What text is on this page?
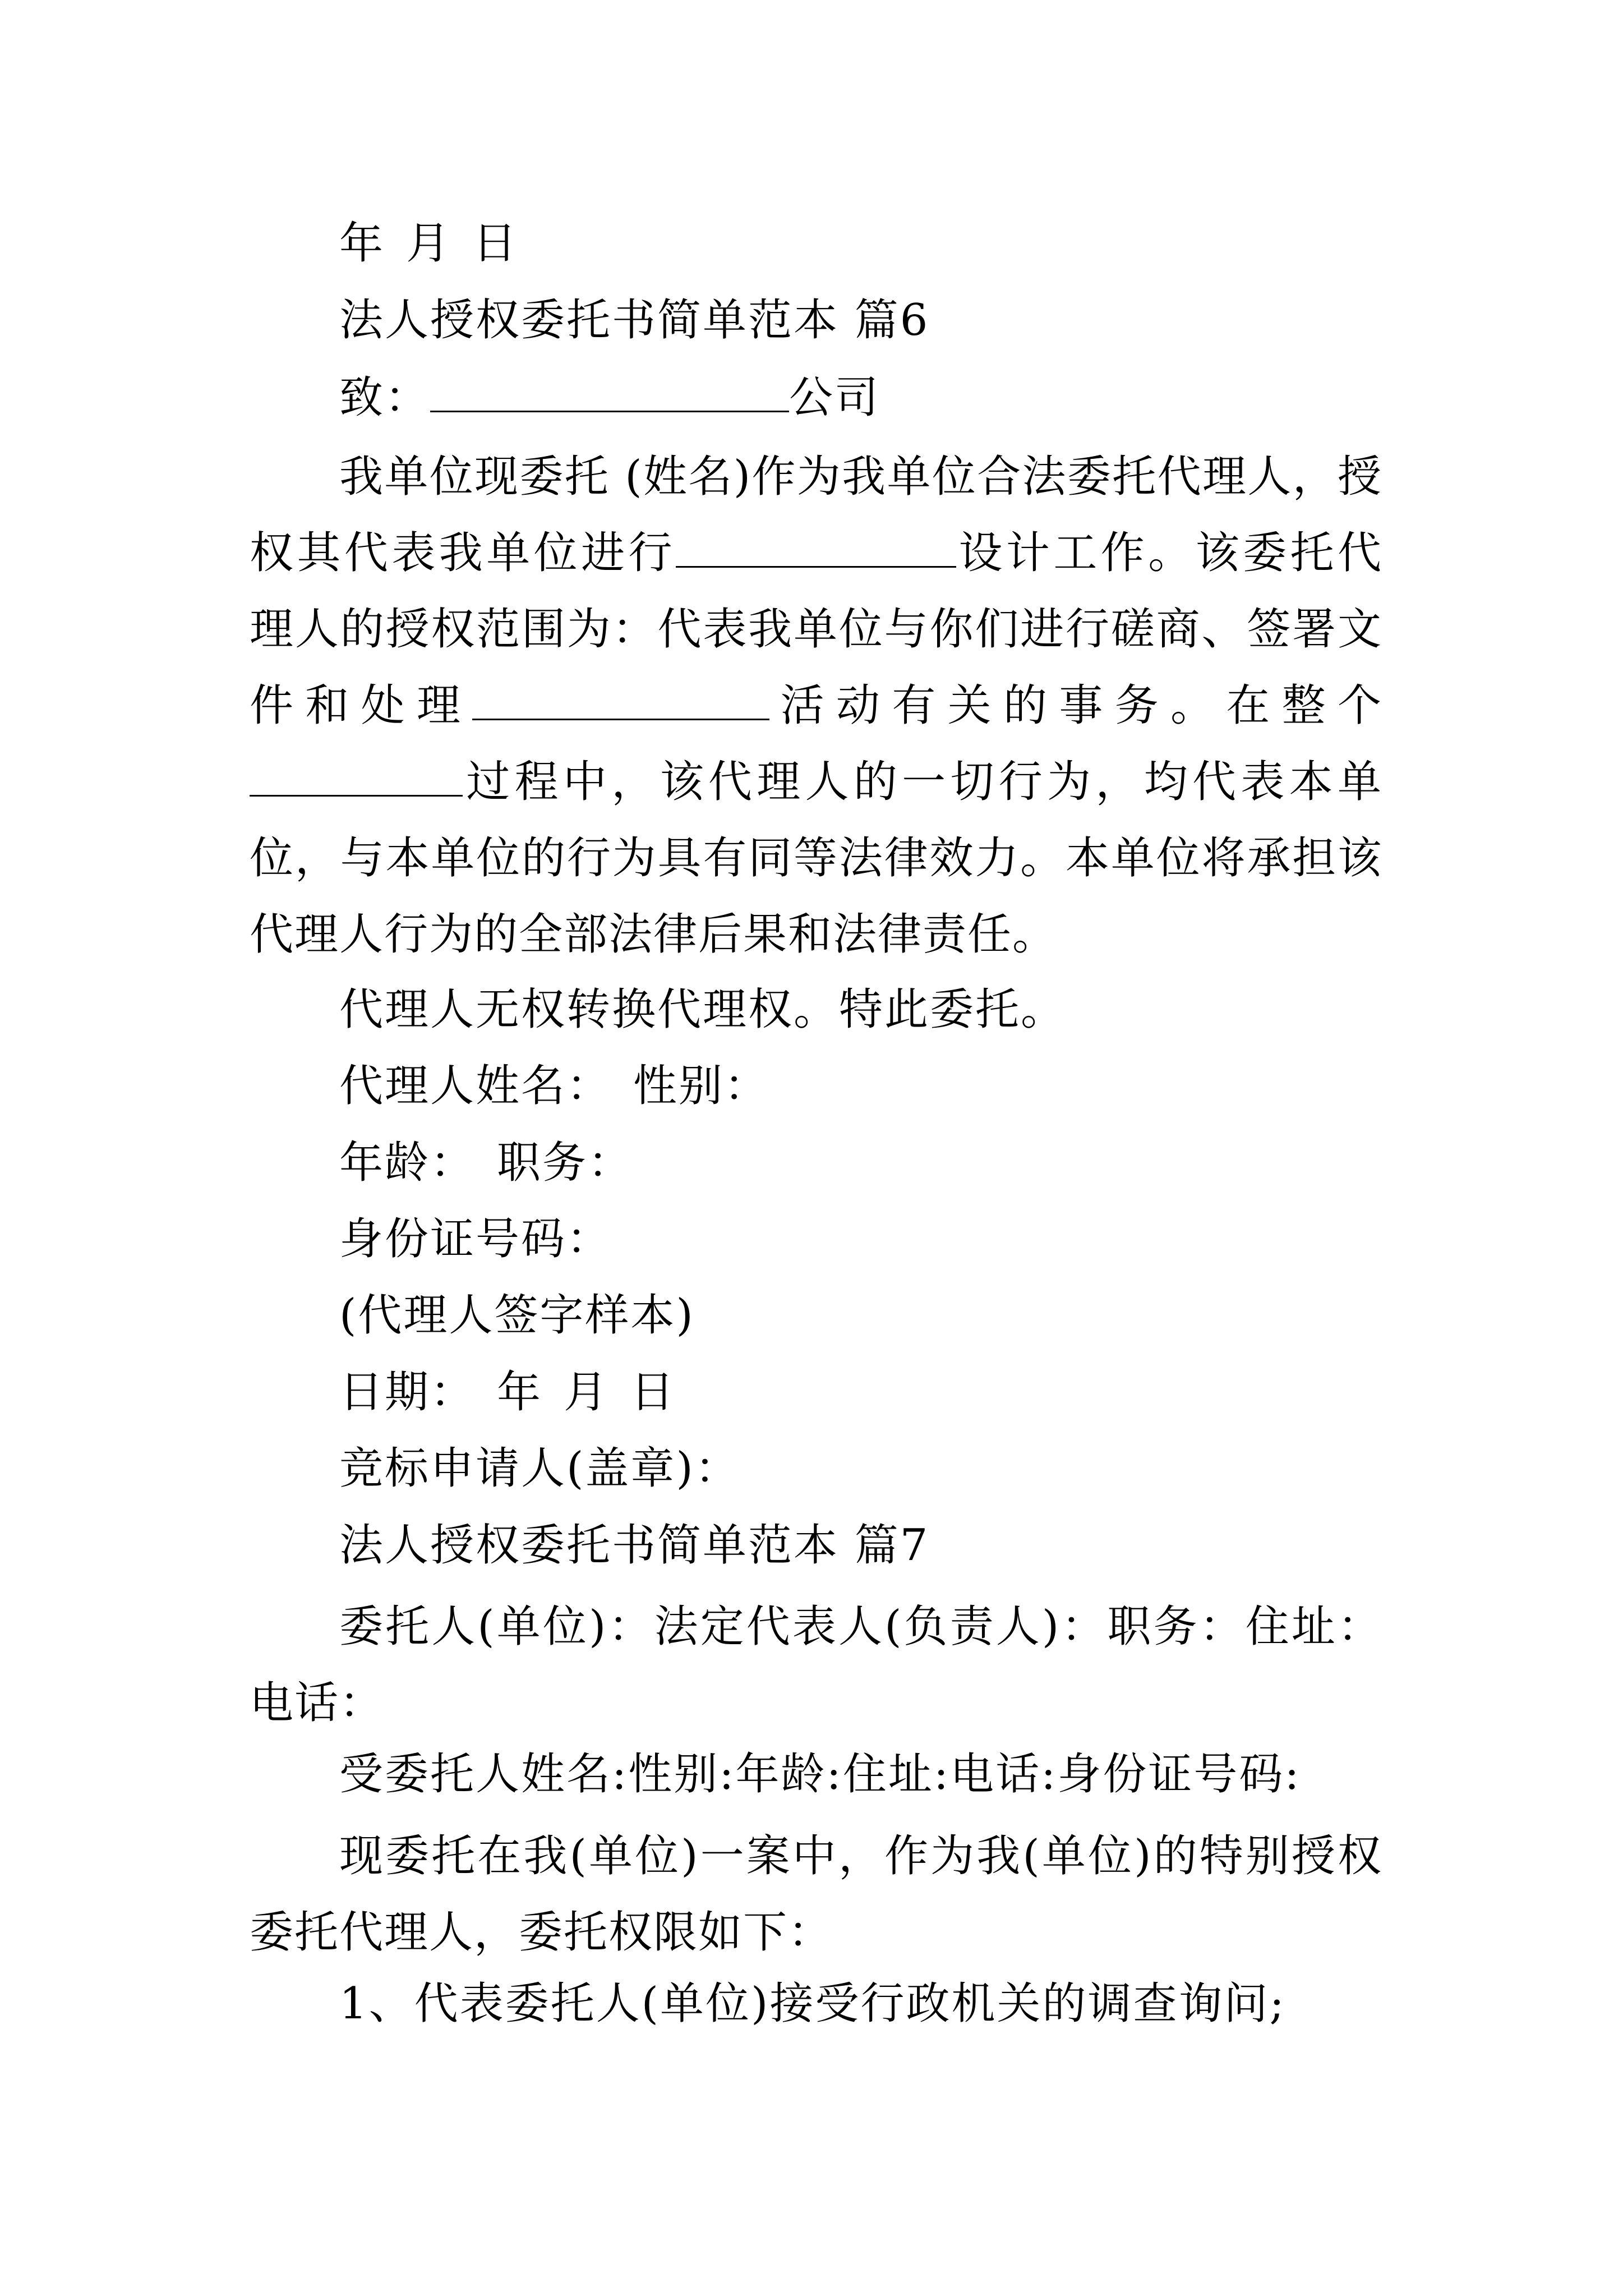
年 月 日
法人授权委托书简单范本 篇6
致：	公司
我单位现委托 (姓名)作为我单位合法委托代理人，授权其代表我单位进行	设计工作。该委托代理人的授权范围为：代表我单位与你们进行磋商、签署文件和处理	活动有关的事务。在整个过程中，该代理人的一切行为，均代表本单位，与本单位的行为具有同等法律效力。本单位将承担该代理人行为的全部法律后果和法律责任。
代理人无权转换代理权。特此委托。
代理人姓名： 性别：
年龄： 职务：
身份证号码：
(代理人签字样本)
日期： 年 月 日
竞标申请人(盖章)：
法人授权委托书简单范本 篇7
委托人(单位)：法定代表人(负责人)：职务：住址：电话：
受委托人姓名:性别:年龄:住址:电话:身份证号码:
现委托在我(单位)一案中，作为我(单位)的特别授权委托代理人，委托权限如下：
1、代表委托人(单位)接受行政机关的调查询问;
